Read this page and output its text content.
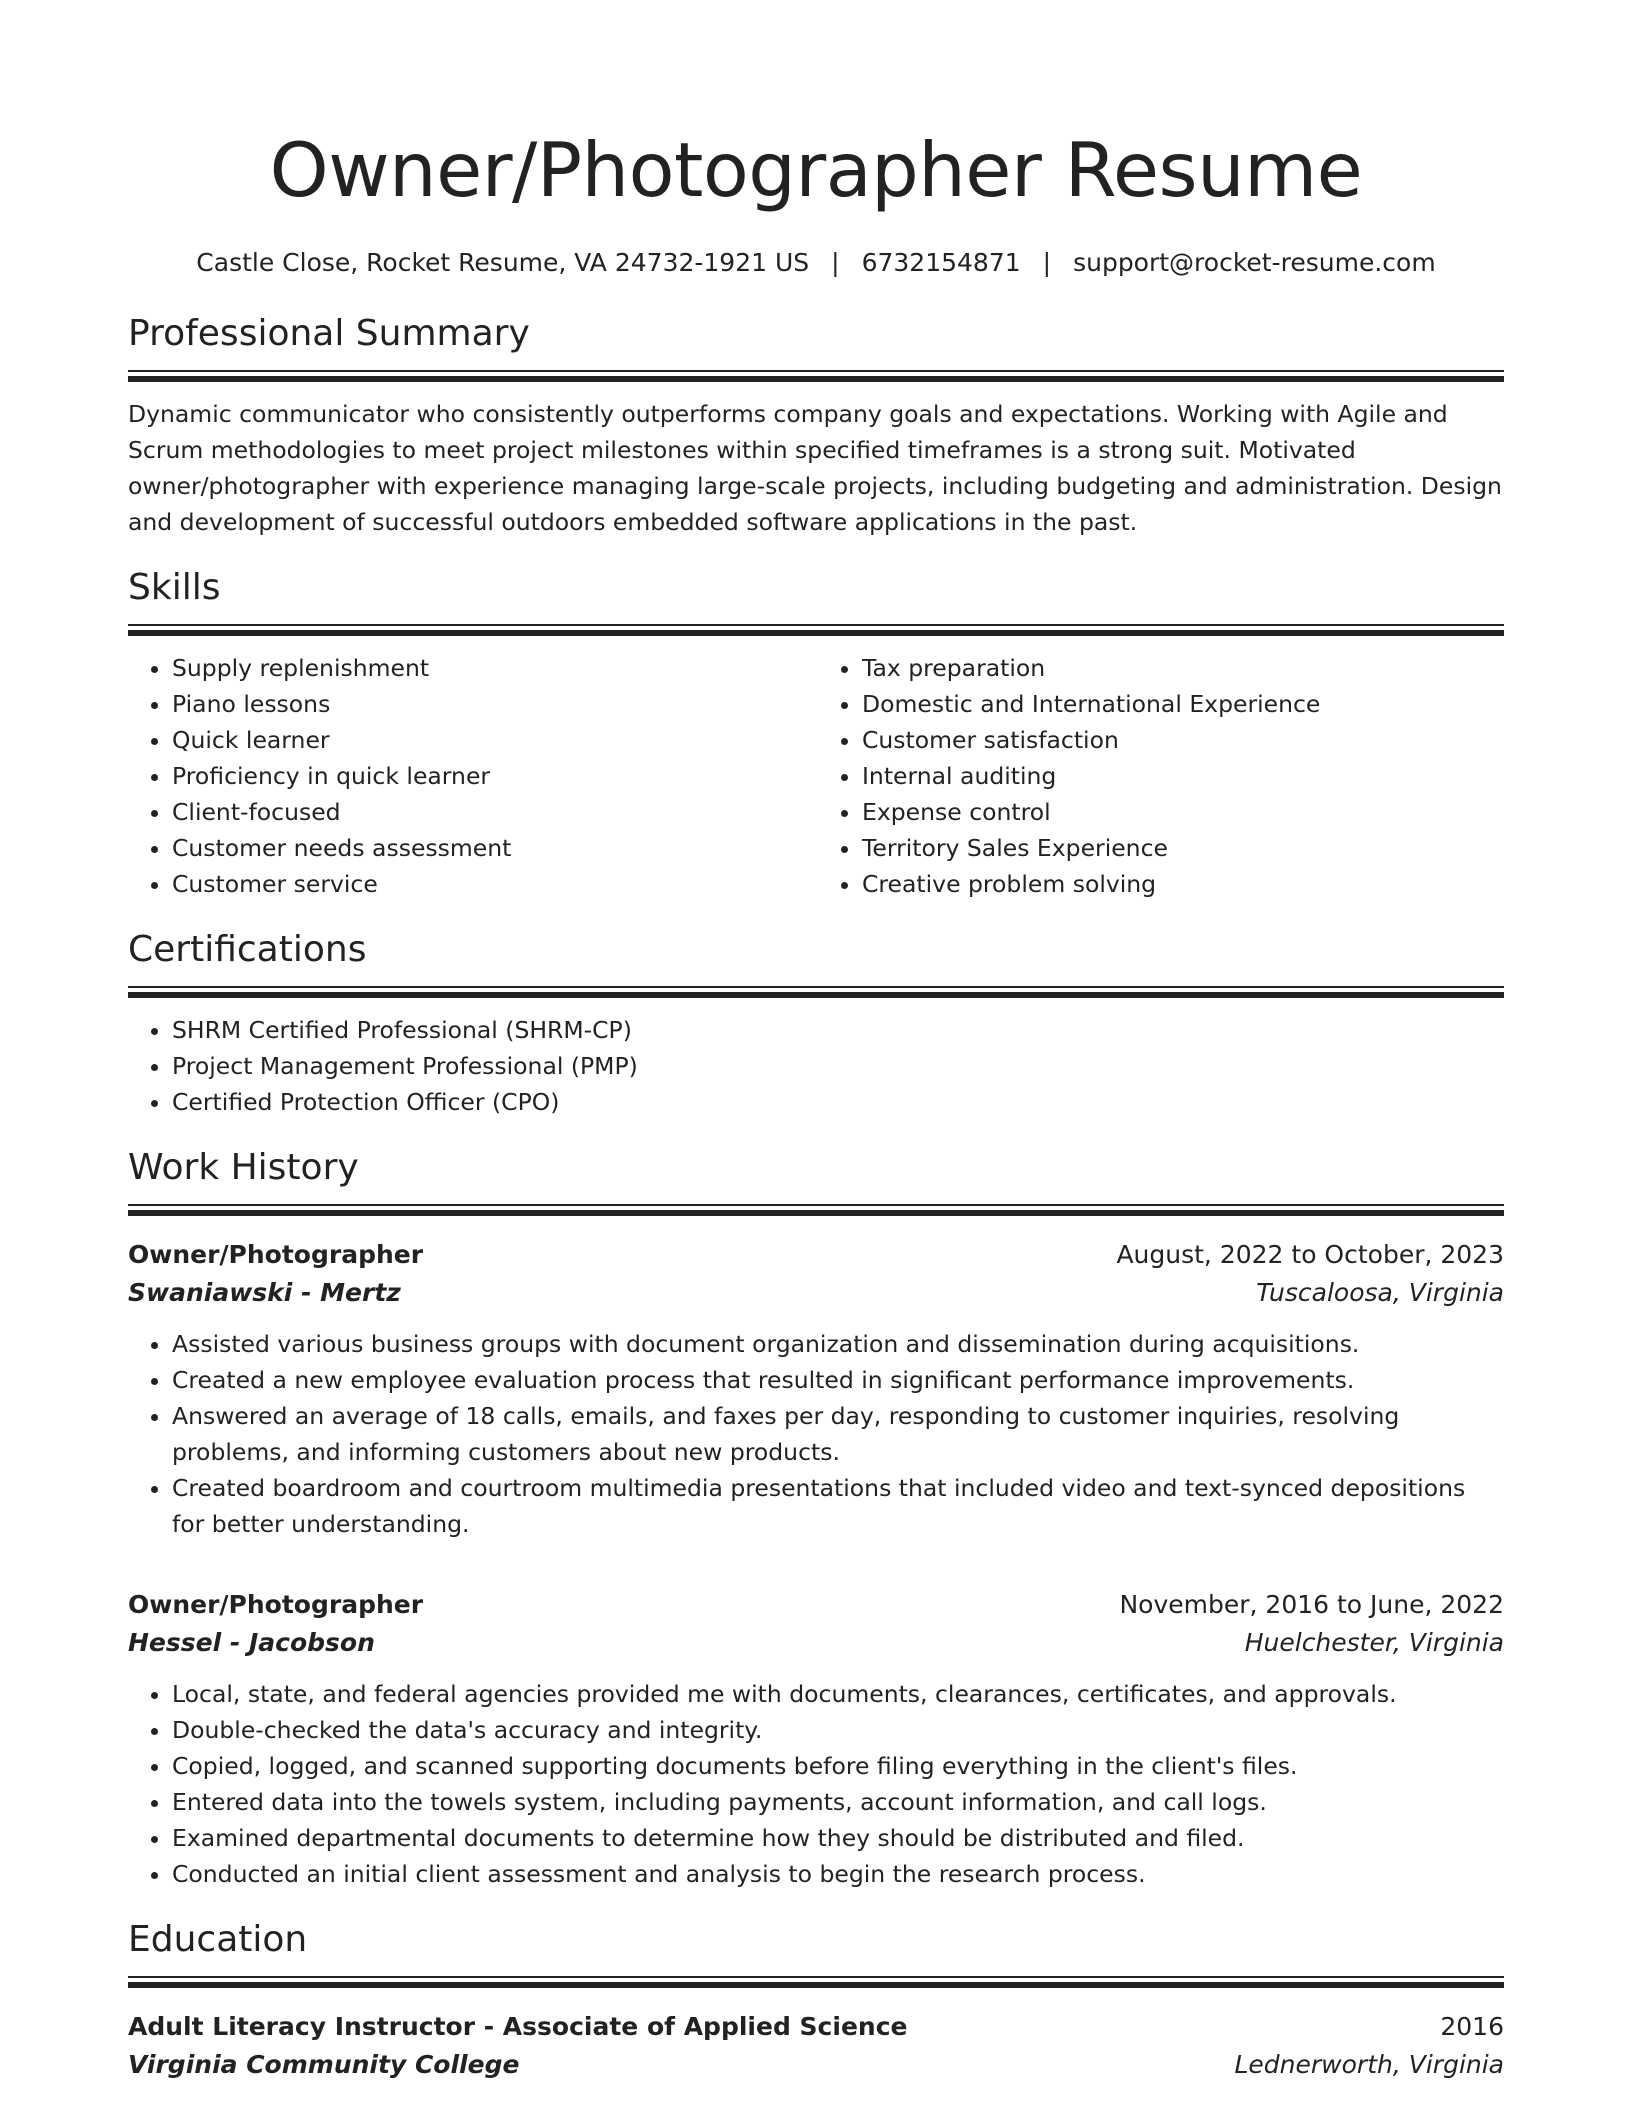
Owner/Photographer Resume
Castle Close, Rocket Resume, VA 24732-1921 US | 6732154871 | support@rocket-resume.com
Professional Summary
Dynamic communicator who consistently outperforms company goals and expectations. Working with Agile and Scrum methodologies to meet project milestones within specified timeframes is a strong suit. Motivated owner/photographer with experience managing large-scale projects, including budgeting and administration. Design and development of successful outdoors embedded software applications in the past.
Skills
• Supply replenishment
• Piano lessons
• Quick learner
• Proficiency in quick learner
• Client-focused
• Customer needs assessment
• Customer service
• Tax preparation
• Domestic and International Experience
• Customer satisfaction
• Internal auditing
• Expense control
• Territory Sales Experience
• Creative problem solving
Certifications
• SHRM Certified Professional (SHRM-CP)
• Project Management Professional (PMP)
• Certified Protection Officer (CPO)
Work History
Owner/Photographer	August, 2022 to October, 2023
Swaniawski - Mertz	Tuscaloosa, Virginia
• Assisted various business groups with document organization and dissemination during acquisitions.
• Created a new employee evaluation process that resulted in significant performance improvements.
• Answered an average of 18 calls, emails, and faxes per day, responding to customer inquiries, resolving problems, and informing customers about new products.
• Created boardroom and courtroom multimedia presentations that included video and text-synced depositions for better understanding.
Owner/Photographer	November, 2016 to June, 2022
Hessel - Jacobson	Huelchester, Virginia
• Local, state, and federal agencies provided me with documents, clearances, certificates, and approvals.
• Double-checked the data's accuracy and integrity.
• Copied, logged, and scanned supporting documents before filing everything in the client's files.
• Entered data into the towels system, including payments, account information, and call logs.
• Examined departmental documents to determine how they should be distributed and filed.
• Conducted an initial client assessment and analysis to begin the research process.
Education
Adult Literacy Instructor - Associate of Applied Science	2016
Virginia Community College	Lednerworth, Virginia
